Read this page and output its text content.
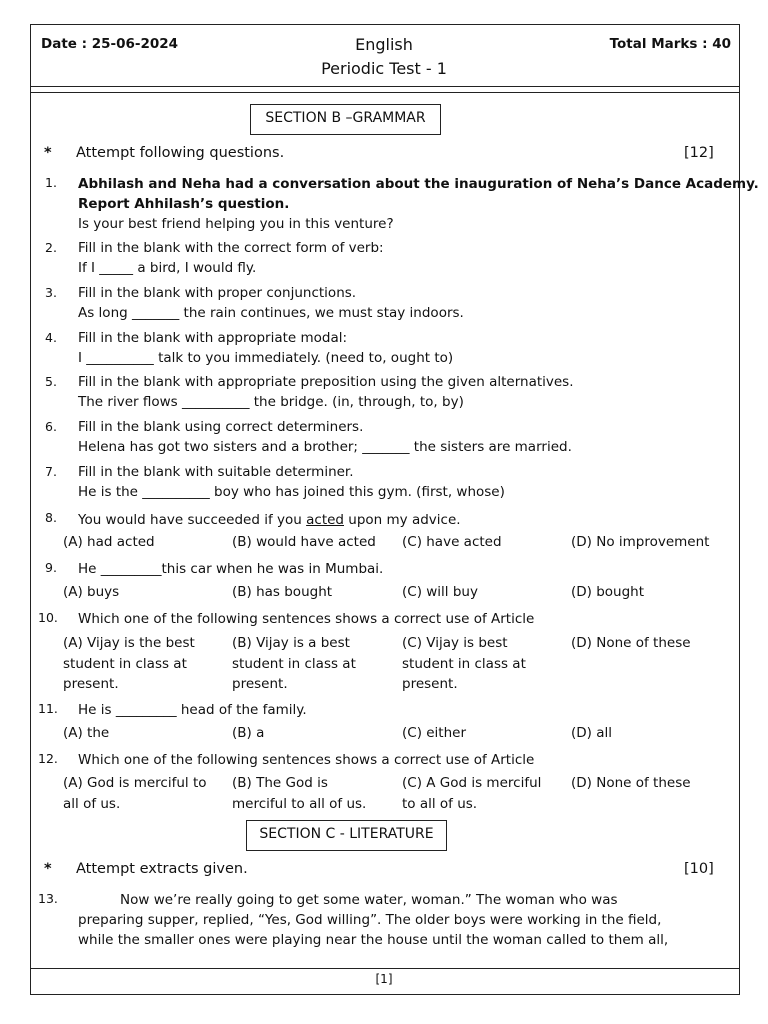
Date : 25-06-2024	English
Periodic Test - 1
Total Marks : 40
SECTION B –GRAMMAR
* Attempt following questions.	[12]
1. Abhilash and Neha had a conversation about the inauguration of Neha’s Dance Academy.
Report Ahhilash’s question.
Is your best friend helping you in this venture?
2. Fill in the blank with the correct form of verb:
If I _____ a bird, I would fly.
3. Fill in the blank with proper conjunctions.
As long _______ the rain continues, we must stay indoors.
4. Fill in the blank with appropriate modal:
I __________ talk to you immediately. (need to, ought to)
5. Fill in the blank with appropriate preposition using the given alternatives.
The river flows __________ the bridge. (in, through, to, by)
6. Fill in the blank using correct determiners.
Helena has got two sisters and a brother; _______ the sisters are married.
7. Fill in the blank with suitable determiner.
He is the __________ boy who has joined this gym. (first, whose)
8. You would have succeeded if you acted upon my advice.
(A) had acted	(B) would have acted (C) have acted	(D) No improvement
9. He _________this car when he was in Mumbai.
(A) buys	(B) has bought	(C) will buy	(D) bought
10. Which one of the following sentences shows a correct use of Article
(A) Vijay is the best
student in class at
present.
(B) Vijay is a best
student in class at
present.
(C) Vijay is best
student in class at
present.
(D) None of these
11. He is _________ head of the family.
(A) the	(B) a	(C) either	(D) all
12. Which one of the following sentences shows a correct use of Article
(A) God is merciful to
all of us.
(B) The God is
merciful to all of us.
(C) A God is merciful
to all of us.
(D) None of these
SECTION C - LITERATURE
* Attempt extracts given.	[10]
13.	Now we’re really going to get some water, woman.” The woman who was
preparing supper, replied, “Yes, God willing”. The older boys were working in the field,
while the smaller ones were playing near the house until the woman called to them all,
[1]
